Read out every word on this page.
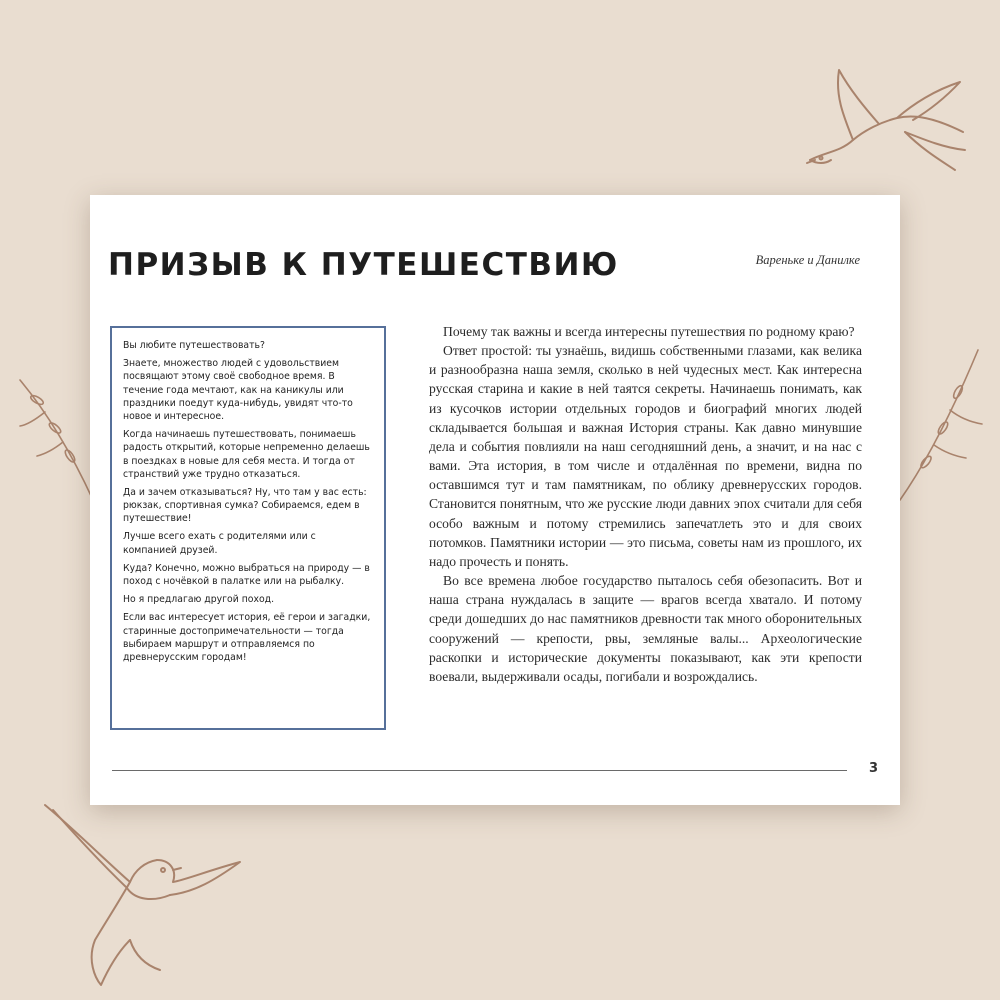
ПРИЗЫВ К ПУТЕШЕСТВИЮ	Вареньке и Данилке

Вы любите путешествовать?

Знаете, множество людей с удовольствием посвящают этому своё свободное время. В течение года мечтают, как на каникулы или праздники поедут куда-нибудь, увидят что-то новое и интересное.

Когда начинаешь путешествовать, понимаешь радость открытий, которые непременно делаешь в поездках в новые для себя места. И тогда от странствий уже трудно отказаться.

Да и зачем отказываться? Ну, что там у вас есть: рюкзак, спортивная сумка? Собираемся, едем в путешествие!

Лучше всего ехать с родителями или с компанией друзей.

Куда? Конечно, можно выбраться на природу — в поход с ночёвкой в палатке или на рыбалку.

Но я предлагаю другой поход.

Если вас интересует история, её герои и загадки, старинные достопримечательности — тогда выбираем маршрут и отправляемся по древнерусским городам!

Почему так важны и всегда интересны путешествия по родному краю?

Ответ простой: ты узнаёшь, видишь собственными глазами, как велика и разнообразна наша земля, сколько в ней чудесных мест. Как интересна русская старина и какие в ней таятся секреты. Начинаешь понимать, как из кусочков истории отдельных городов и биографий многих людей складывается большая и важная История страны. Как давно минувшие дела и события повлияли на наш сегодняшний день, а значит, и на нас с вами. Эта история, в том числе и отдалённая по времени, видна по оставшимся тут и там памятникам, по облику древнерусских городов. Становится понятным, что же русские люди давних эпох считали для себя особо важным и потому стремились запечатлеть это и для своих потомков. Памятники истории — это письма, советы нам из прошлого, их надо прочесть и понять.

Во все времена любое государство пыталось себя обезопасить. Вот и наша страна нуждалась в защите — врагов всегда хватало. И потому среди дошедших до нас памятников древности так много оборонительных сооружений — крепости, рвы, земляные валы... Археологические раскопки и исторические документы показывают, как эти крепости воевали, выдерживали осады, погибали и возрождались.

3
